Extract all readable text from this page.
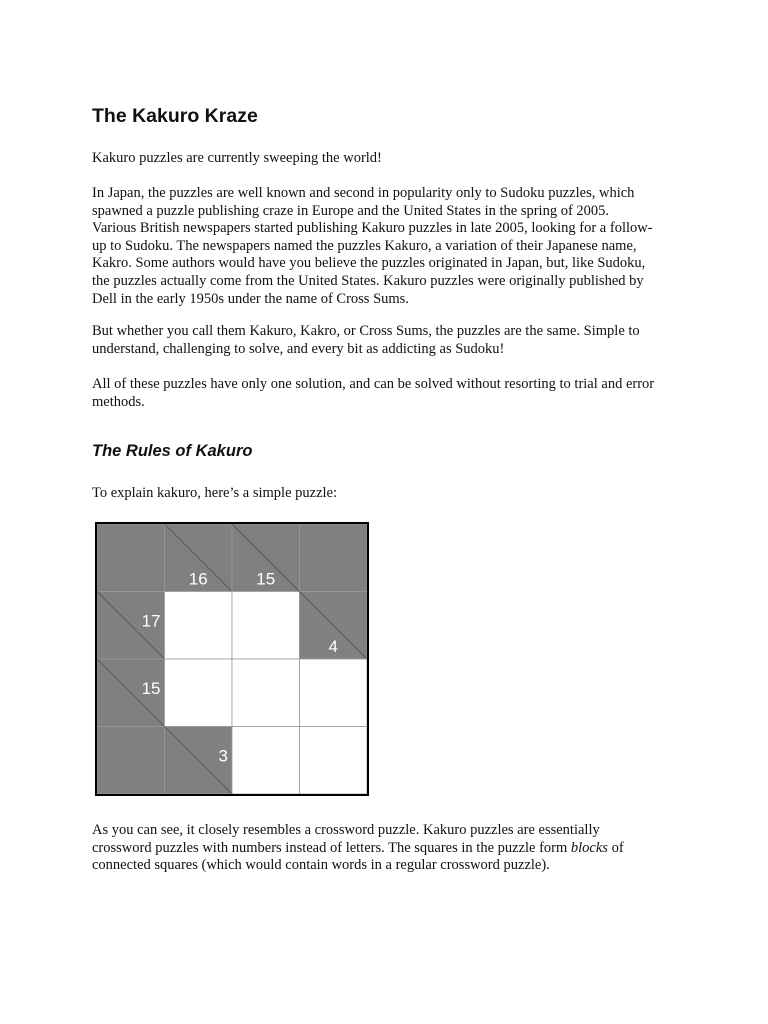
The Kakuro Kraze

Kakuro puzzles are currently sweeping the world!

In Japan, the puzzles are well known and second in popularity only to Sudoku puzzles, which
spawned a puzzle publishing craze in Europe and the United States in the spring of 2005.
Various British newspapers started publishing Kakuro puzzles in late 2005, looking for a follow-
up to Sudoku. The newspapers named the puzzles Kakuro, a variation of their Japanese name,
Kakro. Some authors would have you believe the puzzles originated in Japan, but, like Sudoku,
the puzzles actually come from the United States. Kakuro puzzles were originally published by
Dell in the early 1950s under the name of Cross Sums.

But whether you call them Kakuro, Kakro, or Cross Sums, the puzzles are the same. Simple to
understand, challenging to solve, and every bit as addicting as Sudoku!

All of these puzzles have only one solution, and can be solved without resorting to trial and error
methods.

The Rules of Kakuro

To explain kakuro, here’s a simple puzzle:

As you can see, it closely resembles a crossword puzzle. Kakuro puzzles are essentially
crossword puzzles with numbers instead of letters. The squares in the puzzle form blocks of
connected squares (which would contain words in a regular crossword puzzle).

16	15
17
4
15
3
